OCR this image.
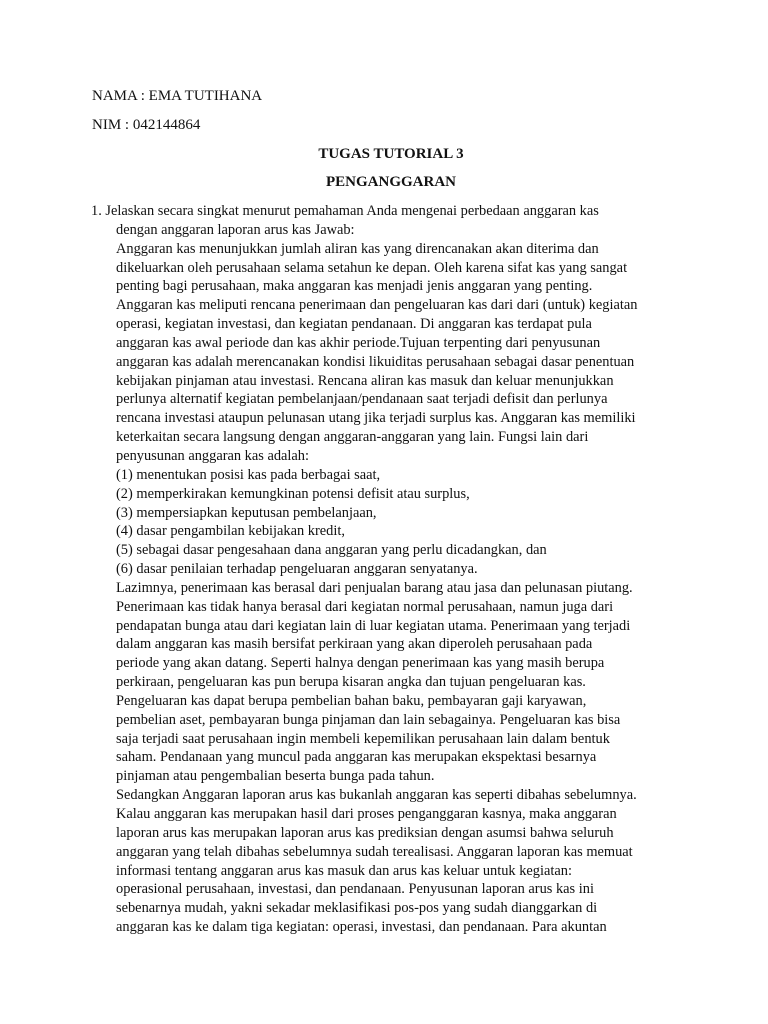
NAMA : EMA TUTIHANA
NIM : 042144864
TUGAS TUTORIAL 3
PENGANGGARAN
1. Jelaskan secara singkat menurut pemahaman Anda mengenai perbedaan anggaran kas
dengan anggaran laporan arus kas Jawab:
Anggaran kas menunjukkan jumlah aliran kas yang direncanakan akan diterima dan
dikeluarkan oleh perusahaan selama setahun ke depan. Oleh karena sifat kas yang sangat
penting bagi perusahaan, maka anggaran kas menjadi jenis anggaran yang penting.
Anggaran kas meliputi rencana penerimaan dan pengeluaran kas dari dari (untuk) kegiatan
operasi, kegiatan investasi, dan kegiatan pendanaan. Di anggaran kas terdapat pula
anggaran kas awal periode dan kas akhir periode.Tujuan terpenting dari penyusunan
anggaran kas adalah merencanakan kondisi likuiditas perusahaan sebagai dasar penentuan
kebijakan pinjaman atau investasi. Rencana aliran kas masuk dan keluar menunjukkan
perlunya alternatif kegiatan pembelanjaan/pendanaan saat terjadi defisit dan perlunya
rencana investasi ataupun pelunasan utang jika terjadi surplus kas. Anggaran kas memiliki
keterkaitan secara langsung dengan anggaran-anggaran yang lain. Fungsi lain dari
penyusunan anggaran kas adalah:
(1) menentukan posisi kas pada berbagai saat,
(2) memperkirakan kemungkinan potensi defisit atau surplus,
(3) mempersiapkan keputusan pembelanjaan,
(4) dasar pengambilan kebijakan kredit,
(5) sebagai dasar pengesahaan dana anggaran yang perlu dicadangkan, dan
(6) dasar penilaian terhadap pengeluaran anggaran senyatanya.
Lazimnya, penerimaan kas berasal dari penjualan barang atau jasa dan pelunasan piutang.
Penerimaan kas tidak hanya berasal dari kegiatan normal perusahaan, namun juga dari
pendapatan bunga atau dari kegiatan lain di luar kegiatan utama. Penerimaan yang terjadi
dalam anggaran kas masih bersifat perkiraan yang akan diperoleh perusahaan pada
periode yang akan datang. Seperti halnya dengan penerimaan kas yang masih berupa
perkiraan, pengeluaran kas pun berupa kisaran angka dan tujuan pengeluaran kas.
Pengeluaran kas dapat berupa pembelian bahan baku, pembayaran gaji karyawan,
pembelian aset, pembayaran bunga pinjaman dan lain sebagainya. Pengeluaran kas bisa
saja terjadi saat perusahaan ingin membeli kepemilikan perusahaan lain dalam bentuk
saham. Pendanaan yang muncul pada anggaran kas merupakan ekspektasi besarnya
pinjaman atau pengembalian beserta bunga pada tahun.
Sedangkan Anggaran laporan arus kas bukanlah anggaran kas seperti dibahas sebelumnya.
Kalau anggaran kas merupakan hasil dari proses penganggaran kasnya, maka anggaran
laporan arus kas merupakan laporan arus kas prediksian dengan asumsi bahwa seluruh
anggaran yang telah dibahas sebelumnya sudah terealisasi. Anggaran laporan kas memuat
informasi tentang anggaran arus kas masuk dan arus kas keluar untuk kegiatan:
operasional perusahaan, investasi, dan pendanaan. Penyusunan laporan arus kas ini
sebenarnya mudah, yakni sekadar meklasifikasi pos-pos yang sudah dianggarkan di
anggaran kas ke dalam tiga kegiatan: operasi, investasi, dan pendanaan. Para akuntan
